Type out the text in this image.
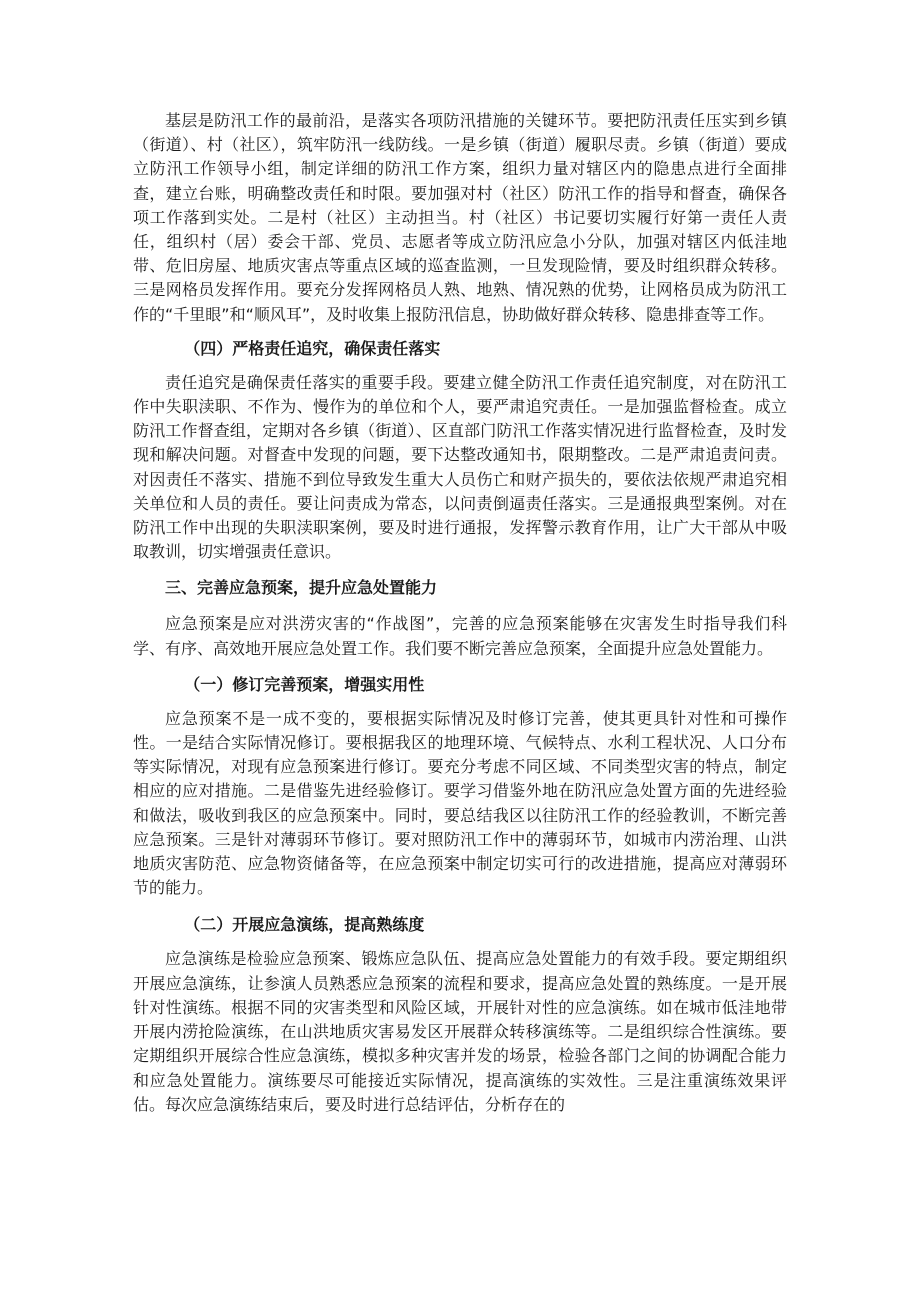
基层是防汛工作的最前沿，是落实各项防汛措施的关键环节。要把防汛责任压实到乡镇（街道）、村（社区），筑牢防汛一线防线。一是乡镇（街道）履职尽责。乡镇（街道）要成立防汛工作领导小组，制定详细的防汛工作方案，组织力量对辖区内的隐患点进行全面排查，建立台账，明确整改责任和时限。要加强对村（社区）防汛工作的指导和督查，确保各项工作落到实处。二是村（社区）主动担当。村（社区）书记要切实履行好第一责任人责任，组织村（居）委会干部、党员、志愿者等成立防汛应急小分队，加强对辖区内低洼地带、危旧房屋、地质灾害点等重点区域的巡查监测，一旦发现险情，要及时组织群众转移。三是网格员发挥作用。要充分发挥网格员人熟、地熟、情况熟的优势，让网格员成为防汛工作的“千里眼”和“顺风耳”，及时收集上报防汛信息，协助做好群众转移、隐患排查等工作。

（四）严格责任追究，确保责任落实

责任追究是确保责任落实的重要手段。要建立健全防汛工作责任追究制度，对在防汛工作中失职渎职、不作为、慢作为的单位和个人，要严肃追究责任。一是加强监督检查。成立防汛工作督查组，定期对各乡镇（街道）、区直部门防汛工作落实情况进行监督检查，及时发现和解决问题。对督查中发现的问题，要下达整改通知书，限期整改。二是严肃追责问责。对因责任不落实、措施不到位导致发生重大人员伤亡和财产损失的，要依法依规严肃追究相关单位和人员的责任。要让问责成为常态，以问责倒逼责任落实。三是通报典型案例。对在防汛工作中出现的失职渎职案例，要及时进行通报，发挥警示教育作用，让广大干部从中吸取教训，切实增强责任意识。

三、完善应急预案，提升应急处置能力

应急预案是应对洪涝灾害的“作战图”，完善的应急预案能够在灾害发生时指导我们科学、有序、高效地开展应急处置工作。我们要不断完善应急预案，全面提升应急处置能力。

（一）修订完善预案，增强实用性

应急预案不是一成不变的，要根据实际情况及时修订完善，使其更具针对性和可操作性。一是结合实际情况修订。要根据我区的地理环境、气候特点、水利工程状况、人口分布等实际情况，对现有应急预案进行修订。要充分考虑不同区域、不同类型灾害的特点，制定相应的应对措施。二是借鉴先进经验修订。要学习借鉴外地在防汛应急处置方面的先进经验和做法，吸收到我区的应急预案中。同时，要总结我区以往防汛工作的经验教训，不断完善应急预案。三是针对薄弱环节修订。要对照防汛工作中的薄弱环节，如城市内涝治理、山洪地质灾害防范、应急物资储备等，在应急预案中制定切实可行的改进措施，提高应对薄弱环节的能力。

（二）开展应急演练，提高熟练度

应急演练是检验应急预案、锻炼应急队伍、提高应急处置能力的有效手段。要定期组织开展应急演练，让参演人员熟悉应急预案的流程和要求，提高应急处置的熟练度。一是开展针对性演练。根据不同的灾害类型和风险区域，开展针对性的应急演练。如在城市低洼地带开展内涝抢险演练，在山洪地质灾害易发区开展群众转移演练等。二是组织综合性演练。要定期组织开展综合性应急演练，模拟多种灾害并发的场景，检验各部门之间的协调配合能力和应急处置能力。演练要尽可能接近实际情况，提高演练的实效性。三是注重演练效果评估。每次应急演练结束后，要及时进行总结评估，分析存在的
